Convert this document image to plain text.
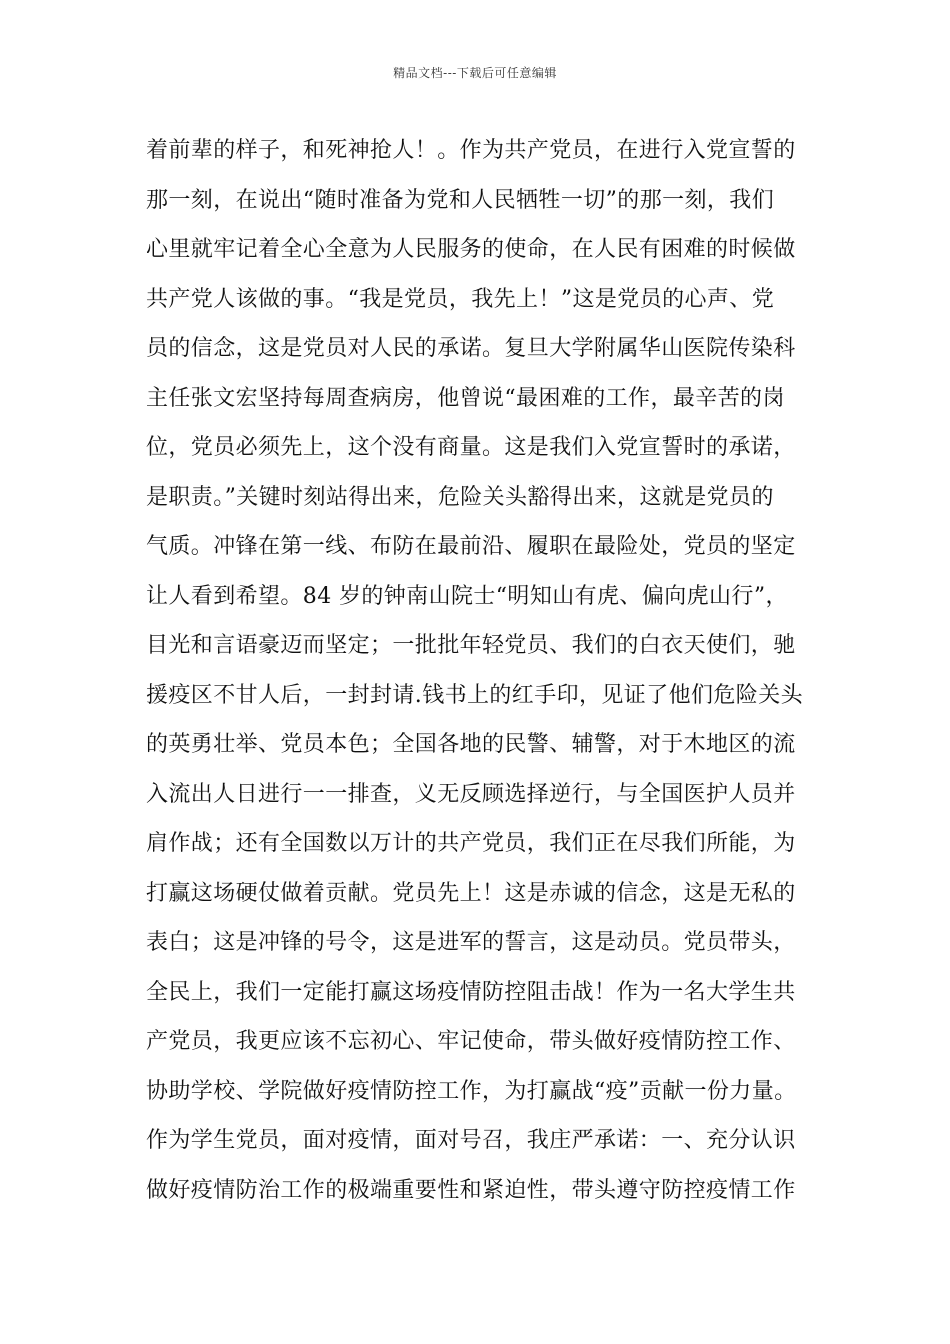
精品文档---下载后可任意编辑
着前辈的样子，和死神抢人！。作为共产党员，在进行入党宣誓的
那一刻，在说出“随时准备为党和人民牺牲一切”的那一刻，我们
心里就牢记着全心全意为人民服务的使命，在人民有困难的时候做
共产党人该做的事。“我是党员，我先上！”这是党员的心声、党
员的信念，这是党员对人民的承诺。复旦大学附属华山医院传染科
主任张文宏坚持每周查病房，他曾说“最困难的工作，最辛苦的岗
位，党员必须先上，这个没有商量。这是我们入党宣誓时的承诺，
是职责。”关键时刻站得出来，危险关头豁得出来，这就是党员的
气质。冲锋在第一线、布防在最前沿、履职在最险处，党员的坚定
让人看到希望。84 岁的钟南山院士“明知山有虎、偏向虎山行”，
目光和言语豪迈而坚定；一批批年轻党员、我们的白衣天使们，驰
援疫区不甘人后，一封封请.钱书上的红手印，见证了他们危险关头
的英勇壮举、党员本色；全国各地的民警、辅警，对于木地区的流
入流出人日进行一一排查，义无反顾选择逆行，与全国医护人员并
肩作战；还有全国数以万计的共产党员，我们正在尽我们所能，为
打赢这场硬仗做着贡献。党员先上！这是赤诚的信念，这是无私的
表白；这是冲锋的号令，这是进军的誓言，这是动员。党员带头，
全民上，我们一定能打赢这场疫情防控阻击战！作为一名大学生共
产党员，我更应该不忘初心、牢记使命，带头做好疫情防控工作、
协助学校、学院做好疫情防控工作，为打赢战“疫”贡献一份力量。
作为学生党员，面对疫情，面对号召，我庄严承诺：一、充分认识
做好疫情防治工作的极端重要性和紧迫性，带头遵守防控疫情工作
